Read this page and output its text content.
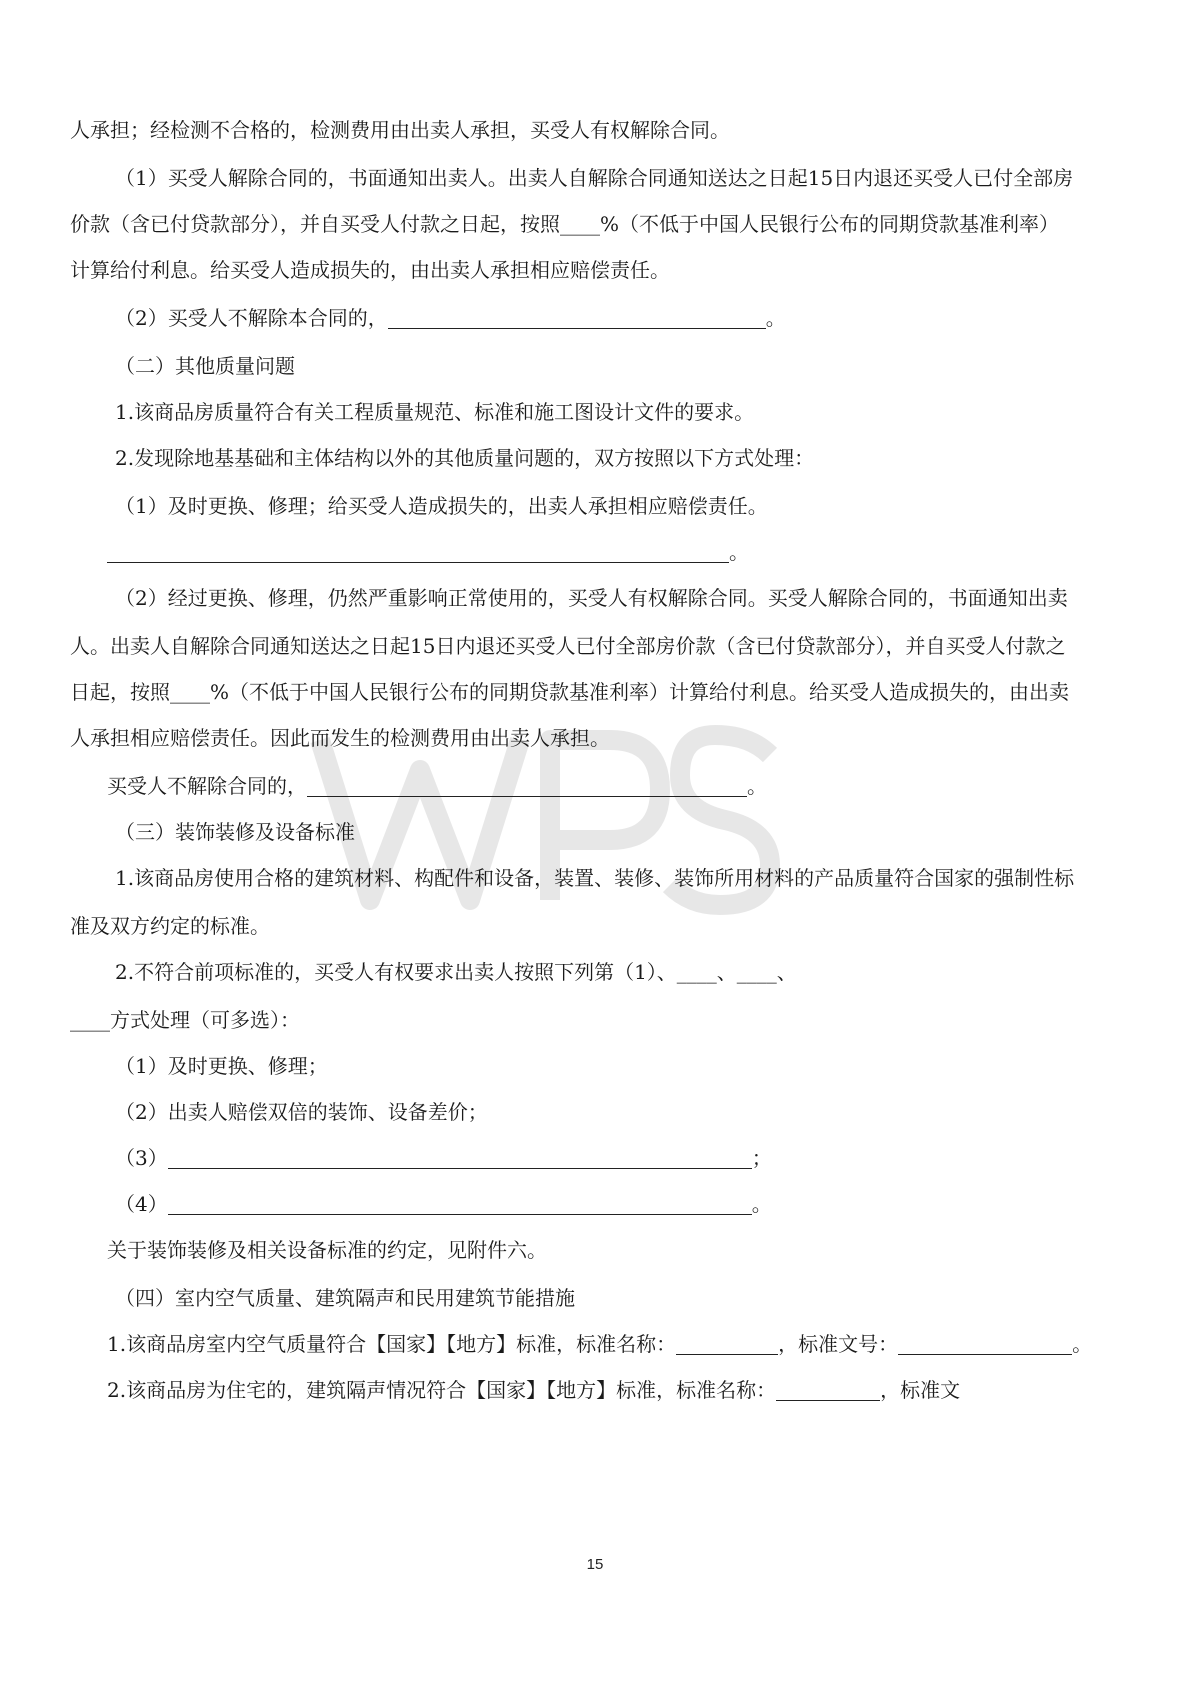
人承担；经检测不合格的，检测费用由出卖人承担，买受人有权解除合同。
（1）买受人解除合同的，书面通知出卖人。出卖人自解除合同通知送达之日起15日内退还买受人已付全部房
价款（含已付贷款部分），并自买受人付款之日起，按照____%（不低于中国人民银行公布的同期贷款基准利率）
计算给付利息。给买受人造成损失的，由出卖人承担相应赔偿责任。
（2）买受人不解除本合同的，	。
（二）其他质量问题
1.该商品房质量符合有关工程质量规范、标准和施工图设计文件的要求。
2.发现除地基基础和主体结构以外的其他质量问题的，双方按照以下方式处理：
（1）及时更换、修理；给买受人造成损失的，出卖人承担相应赔偿责任。
。
（2）经过更换、修理，仍然严重影响正常使用的，买受人有权解除合同。买受人解除合同的，书面通知出卖
人。出卖人自解除合同通知送达之日起15日内退还买受人已付全部房价款（含已付贷款部分），并自买受人付款之
日起，按照____%（不低于中国人民银行公布的同期贷款基准利率）计算给付利息。给买受人造成损失的，由出卖
人承担相应赔偿责任。因此而发生的检测费用由出卖人承担。
买受人不解除合同的，	。
（三）装饰装修及设备标准
1.该商品房使用合格的建筑材料、构配件和设备，装置、装修、装饰所用材料的产品质量符合国家的强制性标
准及双方约定的标准。
2.不符合前项标准的，买受人有权要求出卖人按照下列第（1）、____、____、
____方式处理（可多选）：
（1）及时更换、修理；
（2）出卖人赔偿双倍的装饰、设备差价；
（3）	；
（4）	。
关于装饰装修及相关设备标准的约定，见附件六。
（四）室内空气质量、建筑隔声和民用建筑节能措施
1.该商品房室内空气质量符合【国家】【地方】标准，标准名称：	，标准文号：	。
2.该商品房为住宅的，建筑隔声情况符合【国家】【地方】标准，标准名称：	，标准文
15
